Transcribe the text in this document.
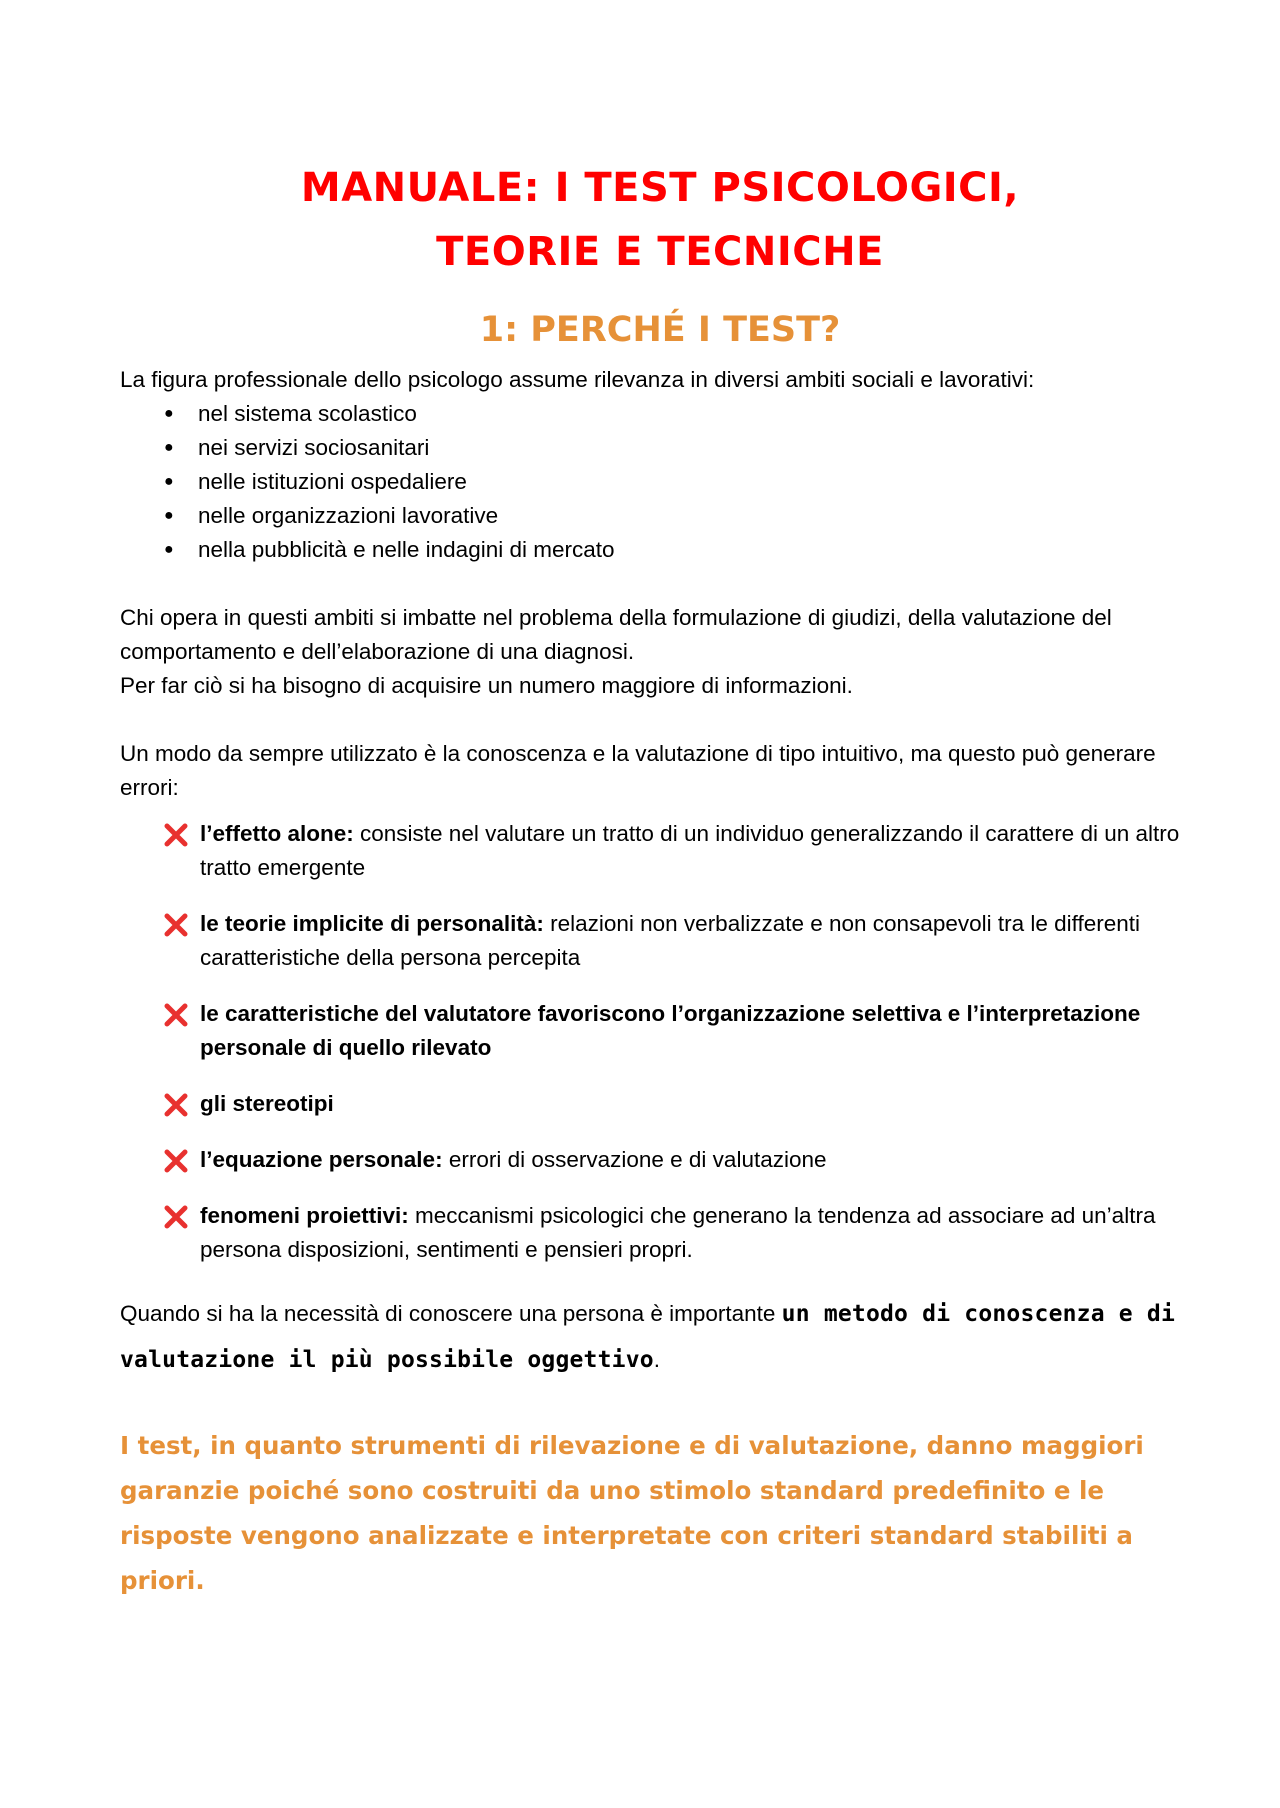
MANUALE: I TEST PSICOLOGICI,
TEORIE E TECNICHE
1: PERCHÉ I TEST?

La figura professionale dello psicologo assume rilevanza in diversi ambiti sociali e lavorativi:

● nel sistema scolastico
● nei servizi sociosanitari
● nelle istituzioni ospedaliere
● nelle organizzazioni lavorative
● nella pubblicità e nelle indagini di mercato

Chi opera in questi ambiti si imbatte nel problema della formulazione di giudizi, della valutazione del comportamento e dell’elaborazione di una diagnosi.
Per far ciò si ha bisogno di acquisire un numero maggiore di informazioni.

Un modo da sempre utilizzato è la conoscenza e la valutazione di tipo intuitivo, ma questo può generare errori:

l’effetto alone: consiste nel valutare un tratto di un individuo generalizzando il carattere di un altro tratto emergente
le teorie implicite di personalità: relazioni non verbalizzate e non consapevoli tra le differenti caratteristiche della persona percepita
le caratteristiche del valutatore favoriscono l’organizzazione selettiva e l’interpretazione personale di quello rilevato
gli stereotipi
l’equazione personale: errori di osservazione e di valutazione
fenomeni proiettivi: meccanismi psicologici che generano la tendenza ad associare ad un’altra persona disposizioni, sentimenti e pensieri propri.

Quando si ha la necessità di conoscere una persona è importante un metodo di conoscenza e di valutazione il più possibile oggettivo.

I test, in quanto strumenti di rilevazione e di valutazione, danno maggiori garanzie poiché sono costruiti da uno stimolo standard predefinito e le risposte vengono analizzate e interpretate con criteri standard stabiliti a priori.
